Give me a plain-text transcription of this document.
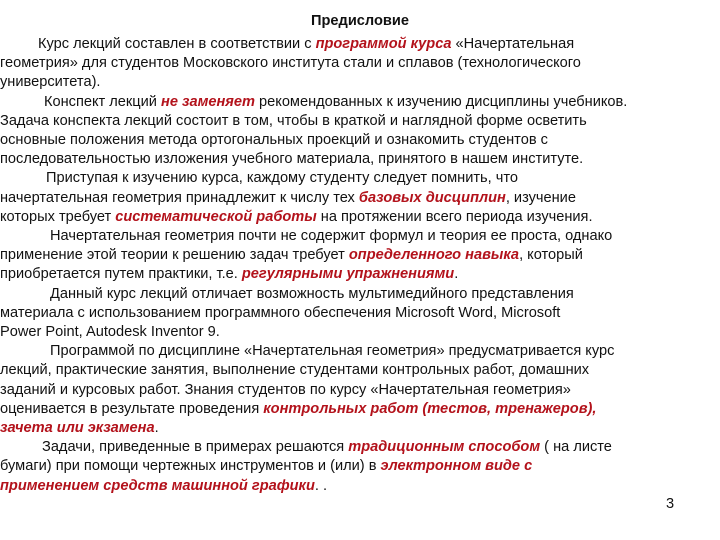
Предисловие
Курс лекций составлен в соответствии с программой курса «Начертательная
геометрия» для студентов Московского института стали и сплавов (технологического
университета).
Конспект лекций не заменяет рекомендованных к изучению дисциплины учебников.
Задача конспекта лекций состоит в том, чтобы в краткой и наглядной форме осветить
основные положения метода ортогональных проекций и ознакомить студентов с
последовательностью изложения учебного материала, принятого в нашем институте.
Приступая к изучению курса, каждому студенту следует помнить, что
начертательная геометрия принадлежит к числу тех базовых дисциплин, изучение
которых требует систематической работы на протяжении всего периода изучения.
Начертательная геометрия почти не содержит формул и теория ее проста, однако
применение этой теории к решению задач требует определенного навыка, который
приобретается путем практики, т.е. регулярными упражнениями.
Данный курс лекций отличает возможность мультимедийного представления
материала с использованием программного обеспечения Microsoft Word, Microsoft
Power Point, Autodesk Inventor 9.
Программой по дисциплине «Начертательная геометрия» предусматривается курс
лекций, практические занятия, выполнение студентами контрольных работ, домашних
заданий и курсовых работ. Знания студентов по курсу «Начертательная геометрия»
оценивается в результате проведения контрольных работ (тестов, тренажеров),
зачета или экзамена.
Задачи, приведенные в примерах решаются традиционным способом ( на листе
бумаги) при помощи чертежных инструментов и (или) в электронном виде с
применением средств машинной графики. .
3
